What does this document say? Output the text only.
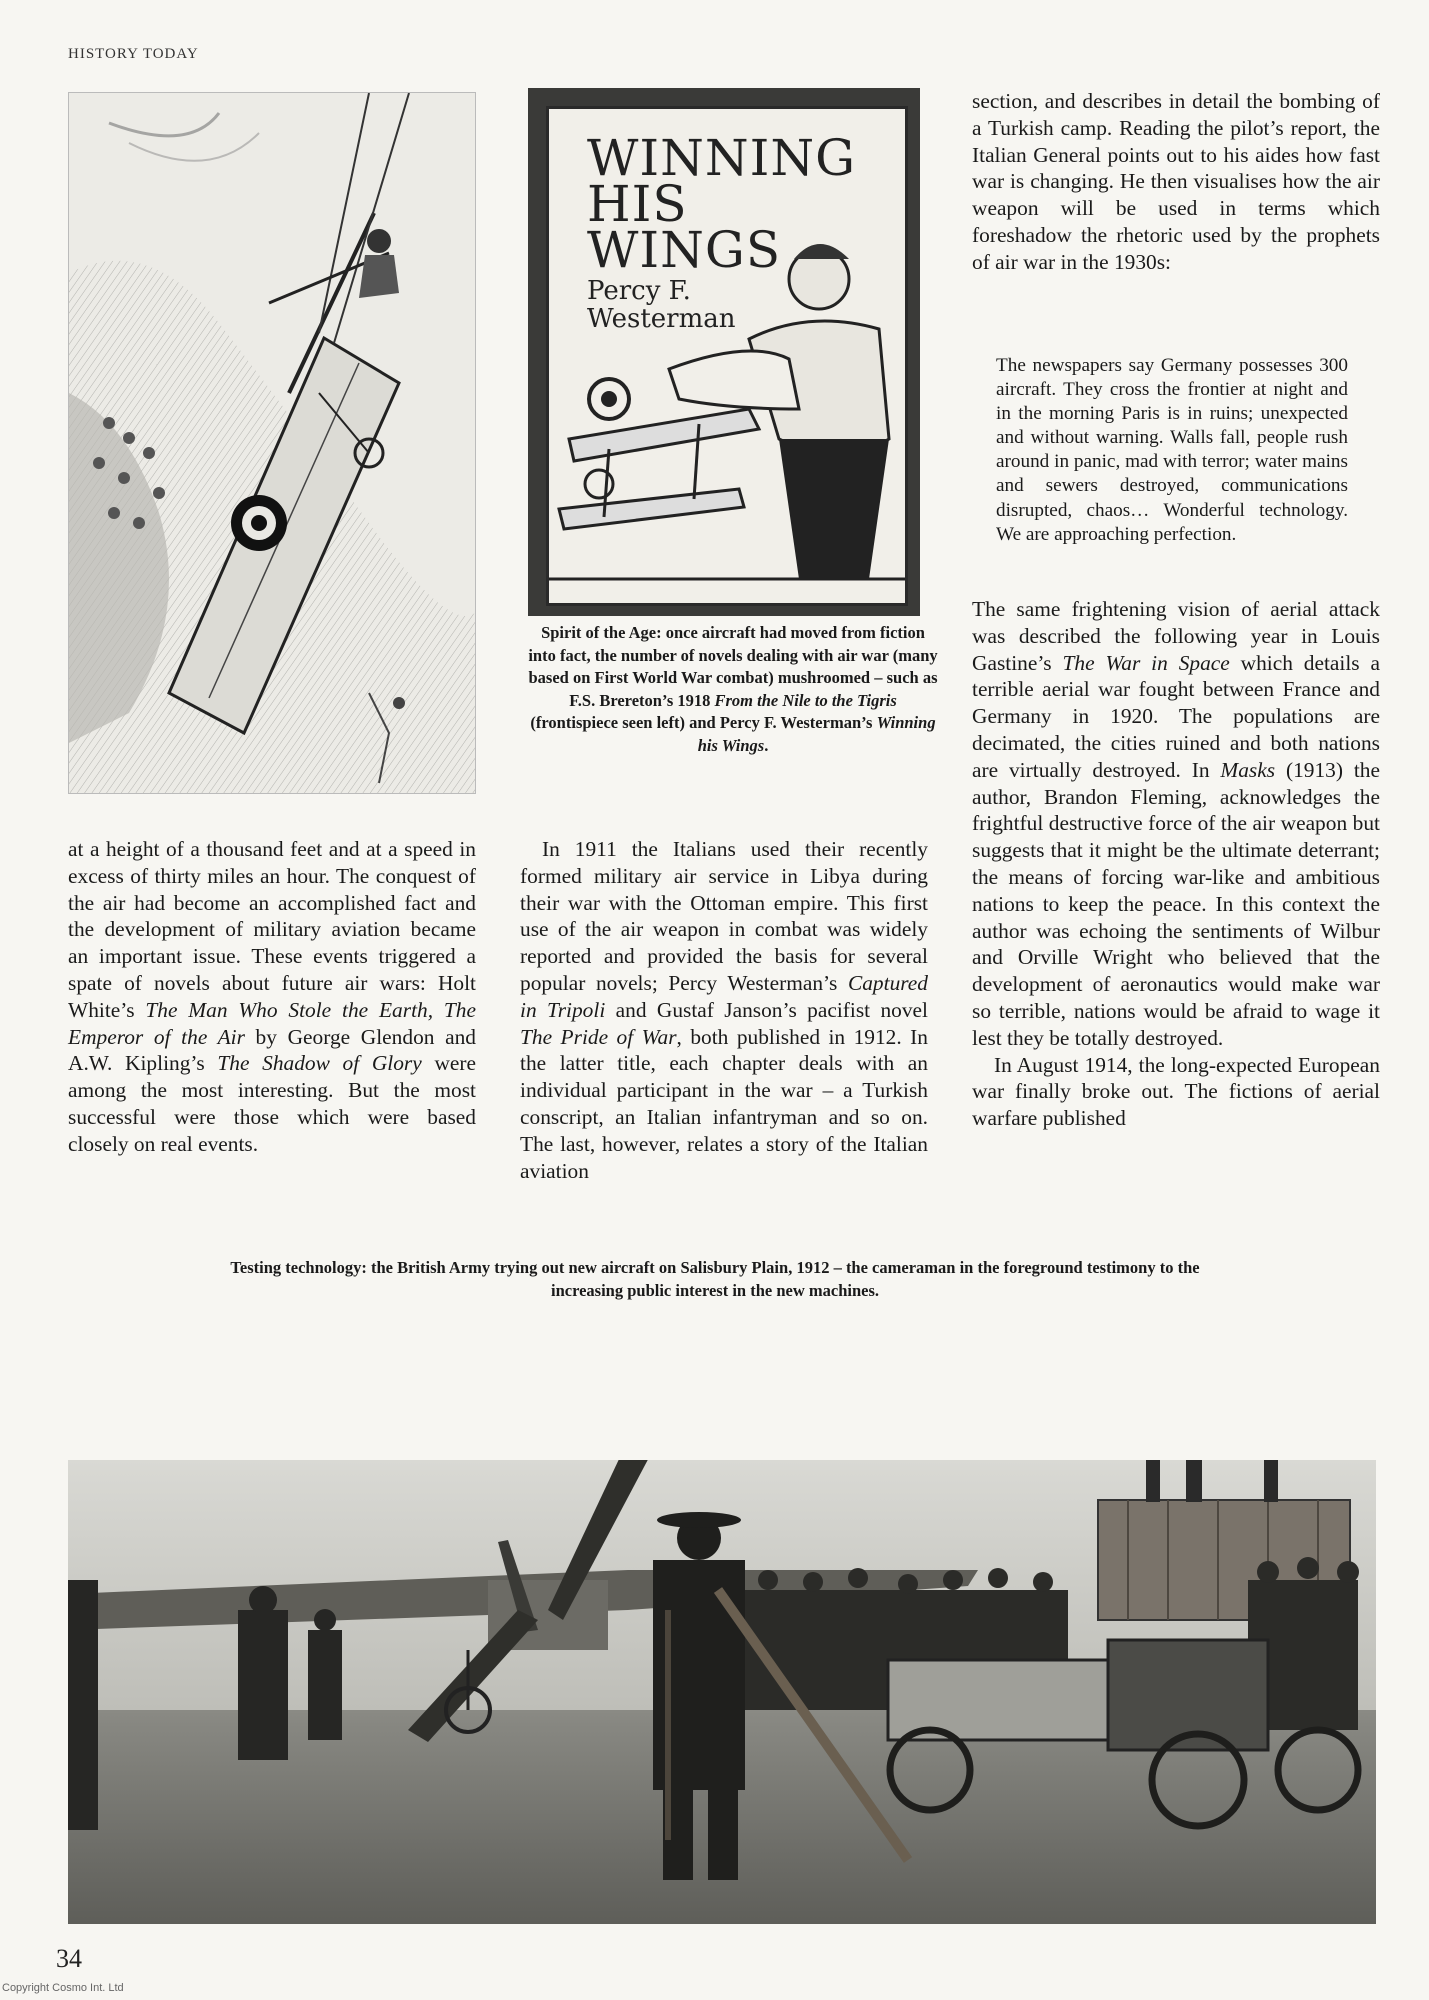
HISTORY TODAY
WINNING
HIS
WINGS
Percy F.
Westerman

Spirit of the Age: once aircraft had moved from fiction into fact, the number of novels dealing with air war (many based on First World War combat) mushroomed – such as F.S. Brereton’s 1918 From the Nile to the Tigris (frontispiece seen left) and Percy F. Westerman’s Winning his Wings.

section, and describes in detail the bombing of a Turkish camp. Reading the pilot’s report, the Italian General points out to his aides how fast war is changing. He then visualises how the air weapon will be used in terms which foreshadow the rhetoric used by the prophets of air war in the 1930s:

The newspapers say Germany possesses 300 aircraft. They cross the frontier at night and in the morning Paris is in ruins; unexpected and without warning. Walls fall, people rush around in panic, mad with terror; water mains and sewers destroyed, communications disrupted, chaos… Wonderful technology. We are approaching perfection.

The same frightening vision of aerial attack was described the following year in Louis Gastine’s The War in Space which details a terrible aerial war fought between France and Germany in 1920. The populations are decimated, the cities ruined and both nations are virtually destroyed. In Masks (1913) the author, Brandon Fleming, acknowledges the frightful destructive force of the air weapon but suggests that it might be the ultimate deterrant; the means of forcing war-like and ambitious nations to keep the peace. In this context the author was echoing the sentiments of Wilbur and Orville Wright who believed that the development of aeronautics would make war so terrible, nations would be afraid to wage it lest they be totally destroyed.

In August 1914, the long-expected European war finally broke out. The fictions of aerial warfare published

at a height of a thousand feet and at a speed in excess of thirty miles an hour. The conquest of the air had become an accomplished fact and the development of military aviation became an important issue. These events triggered a spate of novels about future air wars: Holt White’s The Man Who Stole the Earth, The Emperor of the Air by George Glendon and A.W. Kipling’s The Shadow of Glory were among the most interesting. But the most successful were those which were based closely on real events.

In 1911 the Italians used their recently formed military air service in Libya during their war with the Ottoman empire. This first use of the air weapon in combat was widely reported and provided the basis for several popular novels; Percy Westerman’s Captured in Tripoli and Gustaf Janson’s pacifist novel The Pride of War, both published in 1912. In the latter title, each chapter deals with an individual participant in the war – a Turkish conscript, an Italian infantryman and so on. The last, however, relates a story of the Italian aviation

Testing technology: the British Army trying out new aircraft on Salisbury Plain, 1912 – the cameraman in the foreground testimony to the increasing public interest in the new machines.

34
Copyright Cosmo Int. Ltd
